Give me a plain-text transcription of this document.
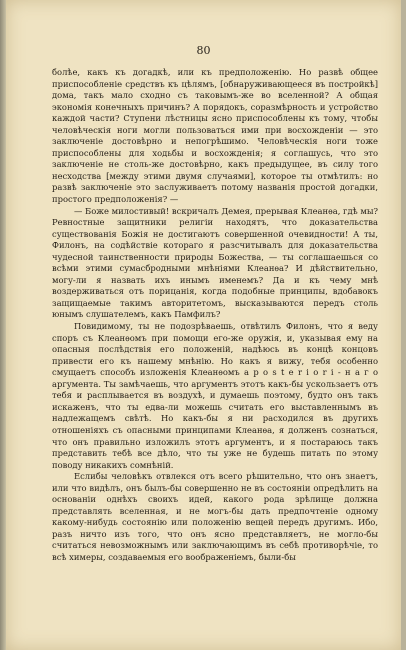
80

болѣе, какъ къ догадкѣ, или къ предположенію. Но развѣ общее приспособленіе средствъ къ цѣлямъ, [обнаруживающееся въ постройкѣ] дома, такъ мало сходно съ таковымъ-же во вселенной? А общая экономія конечныхъ причинъ? А порядокъ, соразмѣрность и устройство каждой части? Ступени лѣстницы ясно приспособлены къ тому, чтобы человѣческія ноги могли пользоваться ими при восхожденіи — это заключеніе достовѣрно и непогрѣшимо. Человѣческія ноги тоже приспособлены для ходьбы и восхожденія; я соглашусь, что это заключеніе не столь-же достовѣрно, какъ предыдущее, въ силу того несходства [между этими двумя случаями], которое ты отмѣтилъ: но развѣ заключеніе это заслуживаетъ потому названія простой догадки, простого предположенія? —

— Боже милостивый! вскричалъ Демея, прерывая Клеанѳа, гдѣ мы? Ревностные защитники религіи находятъ, что доказательства существованія Божія не достигаютъ совершенной очевидности! А ты, Филонъ, на содѣйствіе котораго я разсчитывалъ для доказательства чудесной таинственности природы Божества, — ты соглашаешься со всѣми этими сумасбродными мнѣніями Клеанѳа? И дѣйствительно, могу-ли я назвать ихъ инымъ именемъ? Да и къ чему мнѣ воздерживаться отъ порицанія, когда подобные принципы, вдобавокъ защищаемые такимъ авторитетомъ, высказываются передъ столь юнымъ слушателемъ, какъ Памфилъ?

Повидимому, ты не подозрѣваешь, отвѣтилъ Филонъ, что я веду споръ съ Клеанѳомъ при помощи его-же оружія, и, указывая ему на опасныя послѣдствія его положеній, надѣюсь въ концѣ концовъ привести его къ нашему мнѣнію. Но какъ я вижу, тебя особенно смущаетъ способъ изложенія Клеанѳомъ a p o s t e r i o r i - н а г о аргумента. Ты замѣчаешь, что аргументъ этотъ какъ-бы ускользаетъ отъ тебя и расплывается въ воздухѣ, и думаешь поэтому, будто онъ такъ искаженъ, что ты едва-ли можешь считать его выставленнымъ въ надлежащемъ свѣтѣ. Но какъ-бы я ни расходился въ другихъ отношеніяхъ съ опасными принципами Клеанѳа, я долженъ сознаться, что онъ правильно изложилъ этотъ аргументъ, и я постараюсь такъ представить тебѣ все дѣло, что ты уже не будешь питать по этому поводу никакихъ сомнѣній.

Еслибы человѣкъ отвлекся отъ всего рѣшительно, что онъ знаетъ, или что видѣлъ, онъ былъ-бы совершенно не въ состояніи опредѣлить на основаніи однѣхъ своихъ идей, какого рода зрѣлище должна представлять вселенная, и не могъ-бы дать предпочтеніе одному какому-нибудь состоянію или положенію вещей передъ другимъ. Ибо, разъ ничто изъ того, что онъ ясно представляетъ, не могло-бы считаться невозможнымъ или заключающимъ въ себѣ противорѣчіе, то всѣ химеры, создаваемыя его воображеніемъ, были-бы
